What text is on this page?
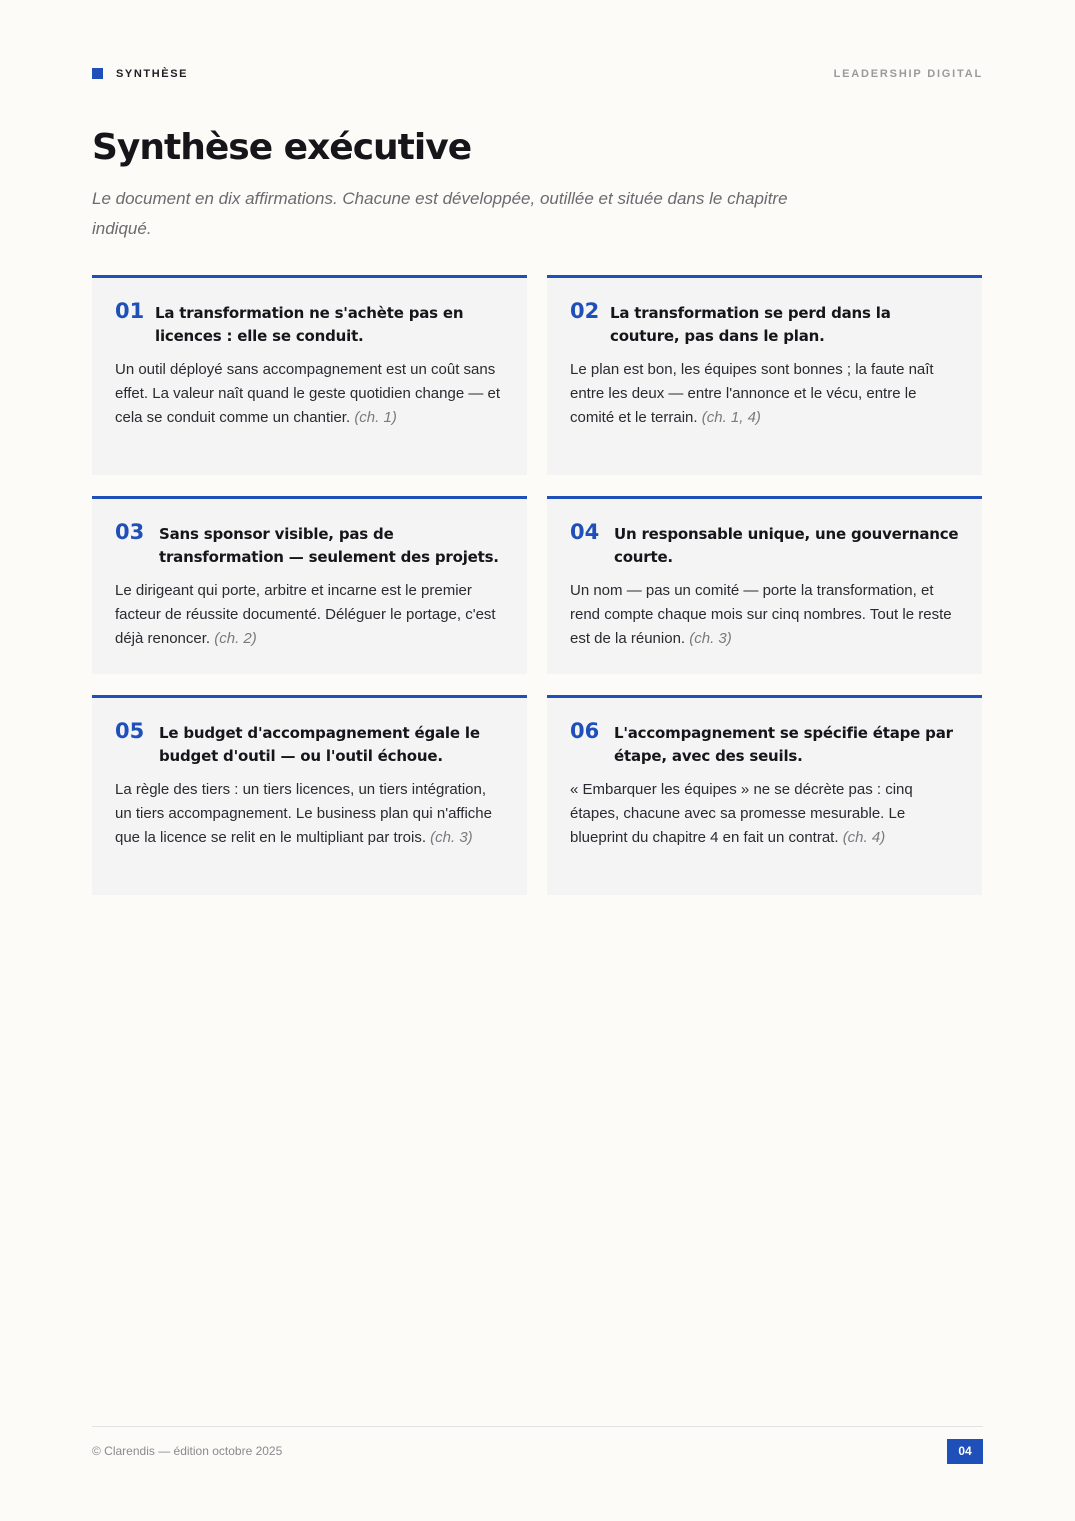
SYNTHÈSE	LEADERSHIP DIGITAL
Synthèse exécutive

Le document en dix affirmations. Chacune est développée, outillée et située dans le chapitre indiqué.

01 La transformation ne s'achète pas en licences : elle se conduit.
Un outil déployé sans accompagnement est un coût sans effet. La valeur naît quand le geste quotidien change — et cela se conduit comme un chantier. (ch. 1)
02 La transformation se perd dans la couture, pas dans le plan.
Le plan est bon, les équipes sont bonnes ; la faute naît entre les deux — entre l'annonce et le vécu, entre le comité et le terrain. (ch. 1, 4)
03 Sans sponsor visible, pas de transformation — seulement des projets.
Le dirigeant qui porte, arbitre et incarne est le premier facteur de réussite documenté. Déléguer le portage, c'est déjà renoncer. (ch. 2)
04 Un responsable unique, une gouvernance courte.
Un nom — pas un comité — porte la transformation, et rend compte chaque mois sur cinq nombres. Tout le reste est de la réunion. (ch. 3)
05 Le budget d'accompagnement égale le budget d'outil — ou l'outil échoue.
La règle des tiers : un tiers licences, un tiers intégration, un tiers accompagnement. Le business plan qui n'affiche que la licence se relit en le multipliant par trois. (ch. 3)
06 L'accompagnement se spécifie étape par étape, avec des seuils.
« Embarquer les équipes » ne se décrète pas : cinq étapes, chacune avec sa promesse mesurable. Le blueprint du chapitre 4 en fait un contrat. (ch. 4)
© Clarendis — édition octobre 2025	04
